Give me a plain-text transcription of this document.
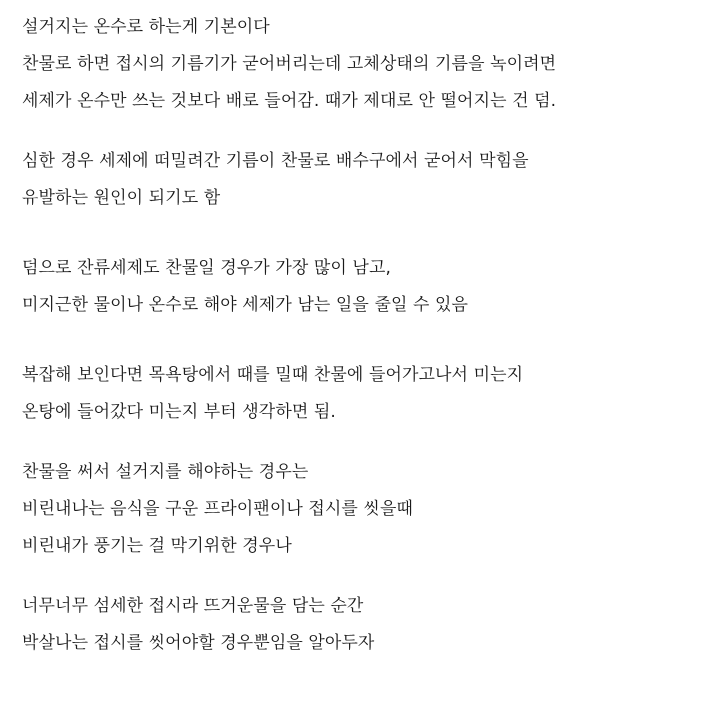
설거지는 온수로 하는게 기본이다
찬물로 하면 접시의 기름기가 굳어버리는데 고체상태의 기름을 녹이려면
세제가 온수만 쓰는 것보다 배로 들어감. 때가 제대로 안 떨어지는 건 덤.
심한 경우 세제에 떠밀려간 기름이 찬물로 배수구에서 굳어서 막힘을
유발하는 원인이 되기도 함
덤으로 잔류세제도 찬물일 경우가 가장 많이 남고,
미지근한 물이나 온수로 해야 세제가 남는 일을 줄일 수 있음
복잡해 보인다면 목욕탕에서 때를 밀때 찬물에 들어가고나서 미는지
온탕에 들어갔다 미는지 부터 생각하면 됨.
찬물을 써서 설거지를 해야하는 경우는
비린내나는 음식을 구운 프라이팬이나 접시를 씻을때
비린내가 풍기는 걸 막기위한 경우나
너무너무 섬세한 접시라 뜨거운물을 담는 순간
박살나는 접시를 씻어야할 경우뿐임을 알아두자
